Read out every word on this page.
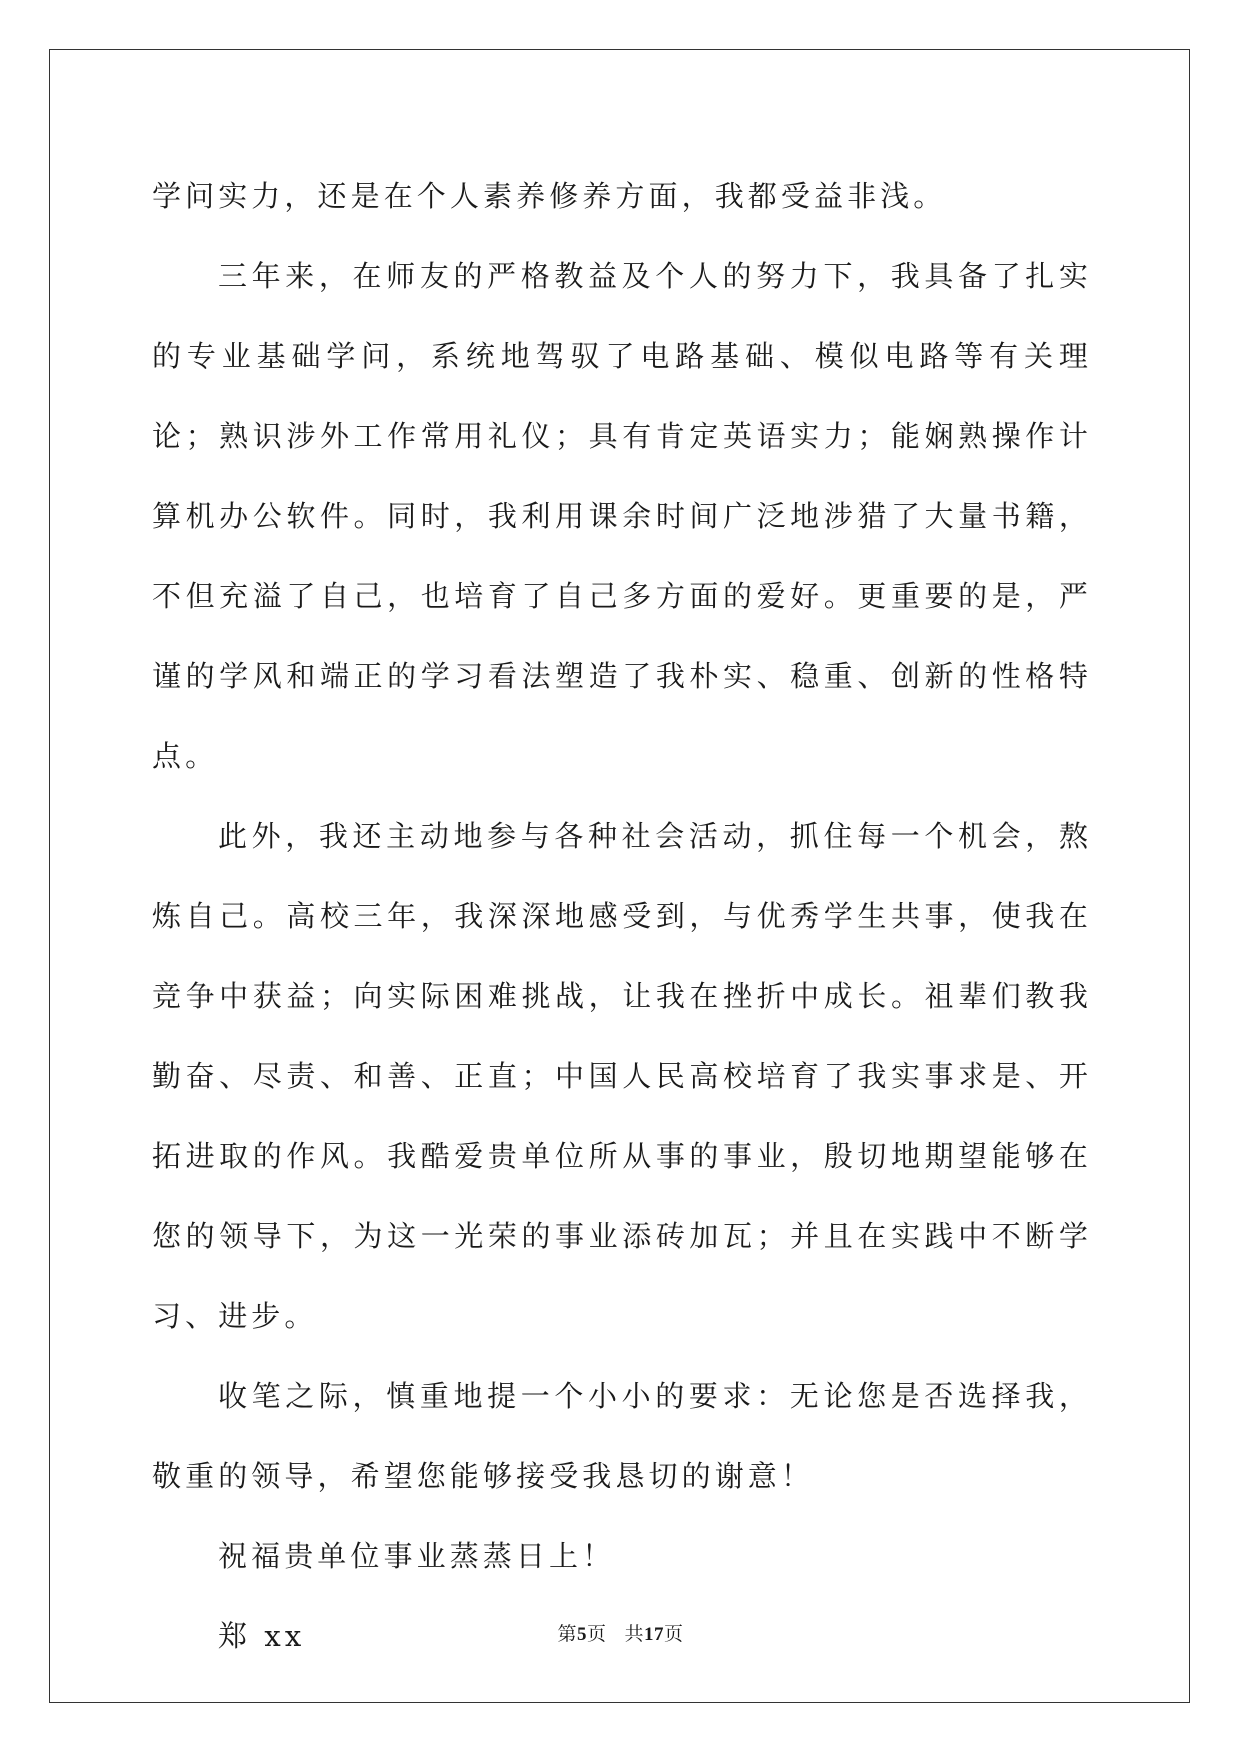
学问实力，还是在个人素养修养方面，我都受益非浅。

三年来，在师友的严格教益及个人的努力下，我具备了扎实的专业基础学问，系统地驾驭了电路基础、模似电路等有关理论；熟识涉外工作常用礼仪；具有肯定英语实力；能娴熟操作计算机办公软件。同时，我利用课余时间广泛地涉猎了大量书籍，不但充溢了自己，也培育了自己多方面的爱好。更重要的是，严谨的学风和端正的学习看法塑造了我朴实、稳重、创新的性格特点。

此外，我还主动地参与各种社会活动，抓住每一个机会，熬炼自己。高校三年，我深深地感受到，与优秀学生共事，使我在竞争中获益；向实际困难挑战，让我在挫折中成长。祖辈们教我勤奋、尽责、和善、正直；中国人民高校培育了我实事求是、开拓进取的作风。我酷爱贵单位所从事的事业，殷切地期望能够在您的领导下，为这一光荣的事业添砖加瓦；并且在实践中不断学习、进步。

收笔之际，慎重地提一个小小的要求：无论您是否选择我，敬重的领导，希望您能够接受我恳切的谢意！

祝福贵单位事业蒸蒸日上！

郑 xx	第5页 共17页
